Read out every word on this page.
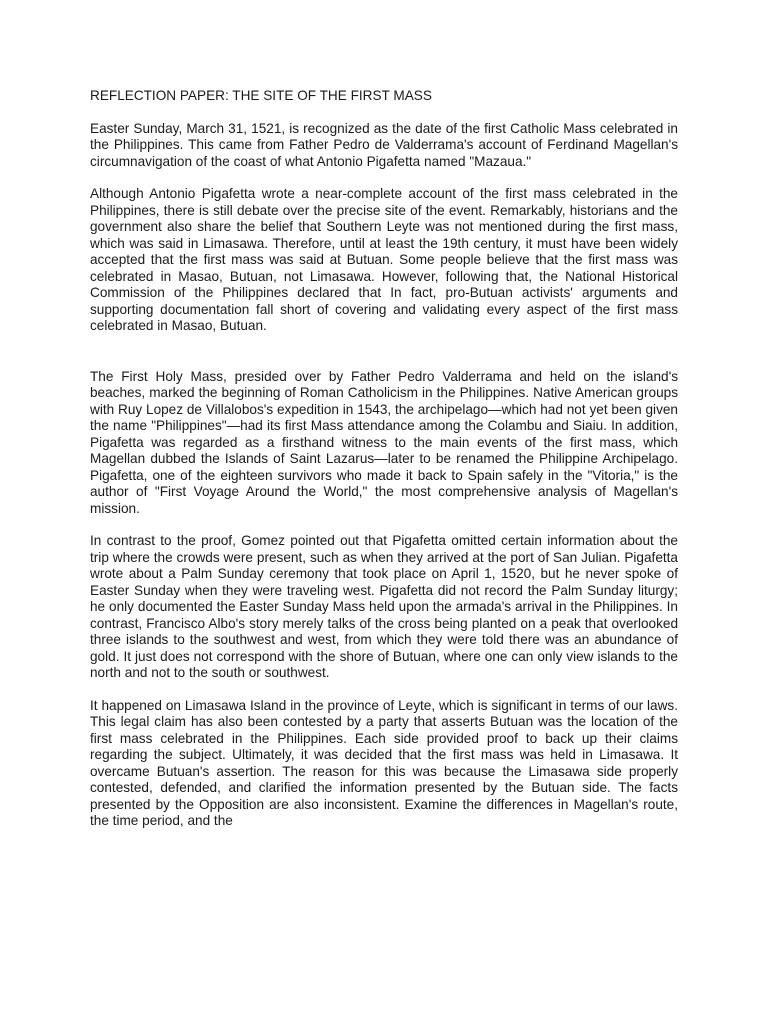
REFLECTION PAPER: THE SITE OF THE FIRST MASS

Easter Sunday, March 31, 1521, is recognized as the date of the first Catholic Mass celebrated in the Philippines. This came from Father Pedro de Valderrama's account of Ferdinand Magellan's circumnavigation of the coast of what Antonio Pigafetta named "Mazaua."

Although Antonio Pigafetta wrote a near-complete account of the first mass celebrated in the Philippines, there is still debate over the precise site of the event. Remarkably, historians and the government also share the belief that Southern Leyte was not mentioned during the first mass, which was said in Limasawa. Therefore, until at least the 19th century, it must have been widely accepted that the first mass was said at Butuan. Some people believe that the first mass was celebrated in Masao, Butuan, not Limasawa. However, following that, the National Historical Commission of the Philippines declared that In fact, pro-Butuan activists' arguments and supporting documentation fall short of covering and validating every aspect of the first mass celebrated in Masao, Butuan.

The First Holy Mass, presided over by Father Pedro Valderrama and held on the island's beaches, marked the beginning of Roman Catholicism in the Philippines. Native American groups with Ruy Lopez de Villalobos's expedition in 1543, the archipelago—which had not yet been given the name "Philippines"—had its first Mass attendance among the Colambu and Siaiu. In addition, Pigafetta was regarded as a firsthand witness to the main events of the first mass, which Magellan dubbed the Islands of Saint Lazarus—later to be renamed the Philippine Archipelago. Pigafetta, one of the eighteen survivors who made it back to Spain safely in the "Vitoria," is the author of "First Voyage Around the World," the most comprehensive analysis of Magellan's mission.

In contrast to the proof, Gomez pointed out that Pigafetta omitted certain information about the trip where the crowds were present, such as when they arrived at the port of San Julian. Pigafetta wrote about a Palm Sunday ceremony that took place on April 1, 1520, but he never spoke of Easter Sunday when they were traveling west. Pigafetta did not record the Palm Sunday liturgy; he only documented the Easter Sunday Mass held upon the armada's arrival in the Philippines. In contrast, Francisco Albo's story merely talks of the cross being planted on a peak that overlooked three islands to the southwest and west, from which they were told there was an abundance of gold. It just does not correspond with the shore of Butuan, where one can only view islands to the north and not to the south or southwest.

It happened on Limasawa Island in the province of Leyte, which is significant in terms of our laws. This legal claim has also been contested by a party that asserts Butuan was the location of the first mass celebrated in the Philippines. Each side provided proof to back up their claims regarding the subject. Ultimately, it was decided that the first mass was held in Limasawa. It overcame Butuan's assertion. The reason for this was because the Limasawa side properly contested, defended, and clarified the information presented by the Butuan side. The facts presented by the Opposition are also inconsistent. Examine the differences in Magellan's route, the time period, and the
